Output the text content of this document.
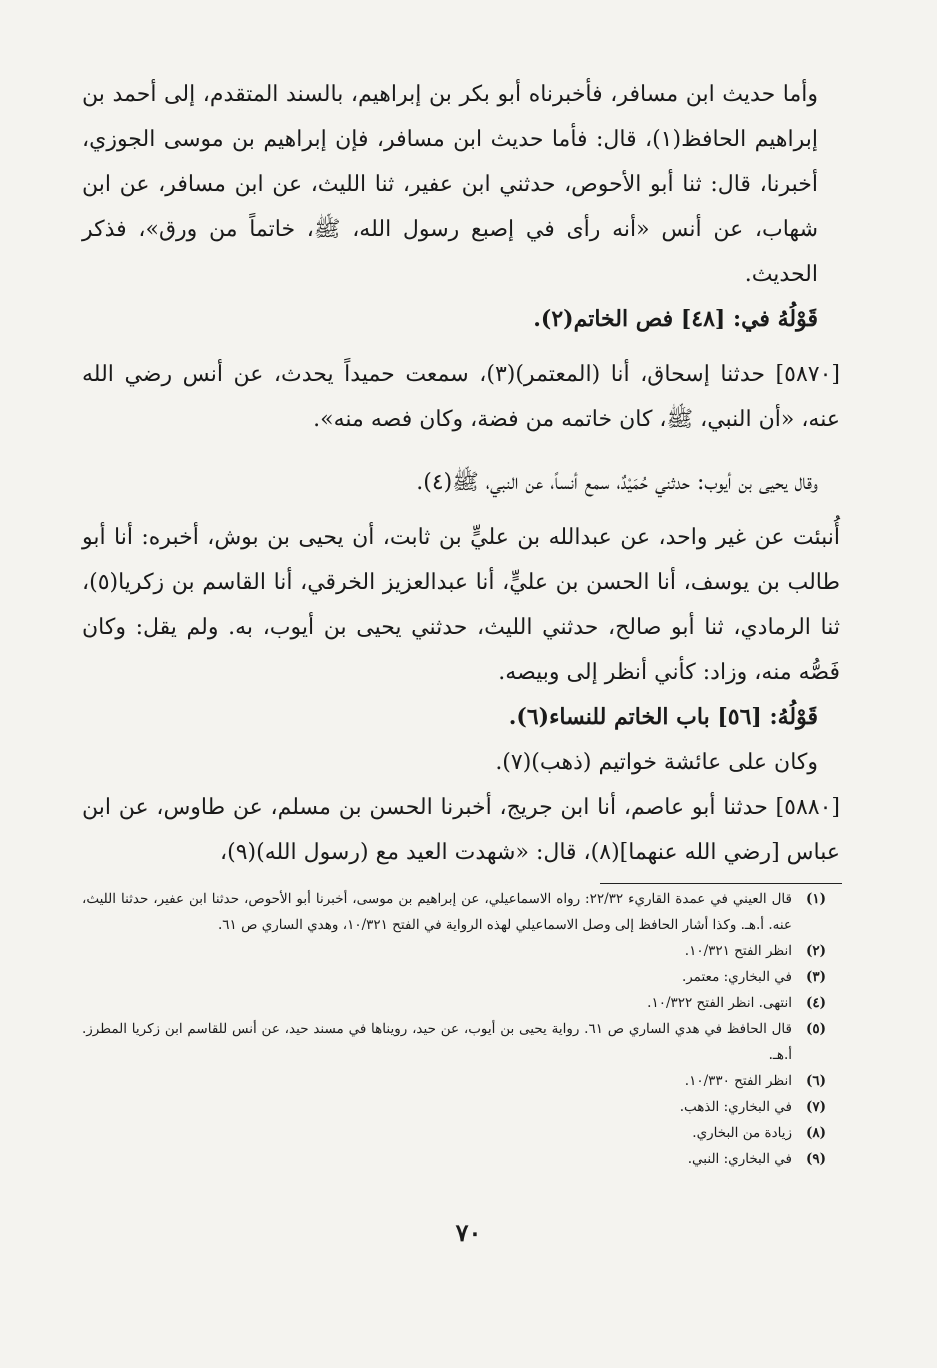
وأما حديث ابن مسافر، فأخبرناه أبو بكر بن إبراهيم، بالسند المتقدم، إلى أحمد بن إبراهيم الحافظ(١)، قال: فأما حديث ابن مسافر، فإن إبراهيم بن موسى الجوزي، أخبرنا، قال: ثنا أبو الأحوص، حدثني ابن عفير، ثنا الليث، عن ابن مسافر، عن ابن شهاب، عن أنس «أنه رأى في إصبع رسول الله، ﷺ، خاتماً من ورق»، فذكر الحديث.

قَوْلُهُ في: [٤٨] فص الخاتم(٢).

[٥٨٧٠] حدثنا إسحاق، أنا (المعتمر)(٣)، سمعت حميداً يحدث، عن أنس رضي الله عنه، «أن النبي، ﷺ، كان خاتمه من فضة، وكان فصه منه».

وقال يحيى بن أيوب: حدثني حُمَيْدٌ، سمع أنساً، عن النبي، ﷺ(٤).

أُنبئت عن غير واحد، عن عبدالله بن عليٍّ بن ثابت، أن يحيى بن بوش، أخبره: أنا أبو طالب بن يوسف، أنا الحسن بن عليٍّ، أنا عبدالعزيز الخرقي، أنا القاسم بن زكريا(٥)، ثنا الرمادي، ثنا أبو صالح، حدثني الليث، حدثني يحيى بن أيوب، به. ولم يقل: وكان فَصُّه منه، وزاد: كأني أنظر إلى وبيصه.

قَوْلُهُ: [٥٦] باب الخاتم للنساء(٦).

وكان على عائشة خواتيم (ذهب)(٧).

[٥٨٨٠] حدثنا أبو عاصم، أنا ابن جريج، أخبرنا الحسن بن مسلم، عن طاوس، عن ابن عباس [رضي الله عنهما](٨)، قال: «شهدت العيد مع (رسول الله)(٩)،

(١)
قال العيني في عمدة القاريء ٢٢/٣٢: رواه الاسماعيلي، عن إبراهيم بن موسى، أخبرنا أبو الأحوص، حدثنا ابن عفير، حدثنا الليث، عنه. أ.هـ. وكذا أشار الحافظ إلى وصل الاسماعيلي لهذه الرواية في الفتح ١٠/٣٢١، وهدي الساري ص ٦١.
(٢)
انظر الفتح ١٠/٣٢١.
(٣)
في البخاري: معتمر.
(٤)
انتهى. انظر الفتح ١٠/٣٢٢.
(٥)
قال الحافظ في هدي الساري ص ٦١. رواية يحيى بن أيوب، عن حيد، رويناها في مسند حيد، عن أنس للقاسم ابن زكريا المطرز. أ.هـ.
(٦)
انظر الفتح ١٠/٣٣٠.
(٧)
في البخاري: الذهب.
(٨)
زيادة من البخاري.
(٩)
في البخاري: النبي.
٧٠
